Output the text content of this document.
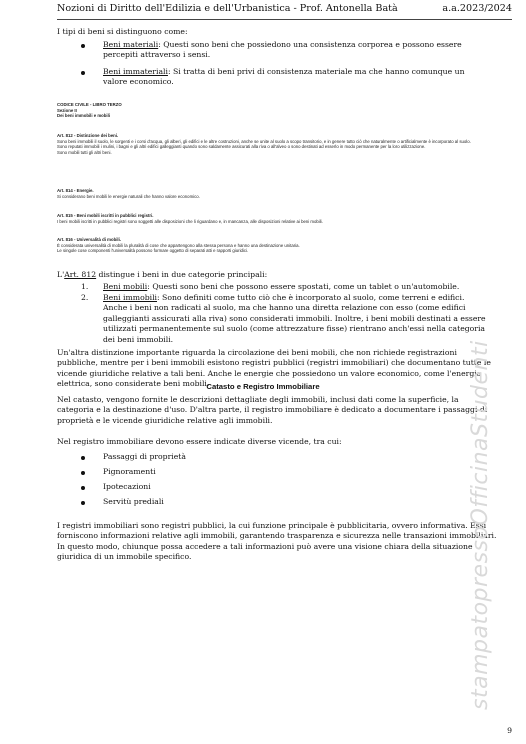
Nozioni di Diritto dell'Edilizia e dell'Urbanistica - Prof. Antonella Batà	a.a.2023/2024
I tipi di beni si distinguono come:
Beni materiali: Questi sono beni che possiedono una consistenza corporea e possono essere percepiti attraverso i sensi.
Beni immateriali: Si tratta di beni privi di consistenza materiale ma che hanno comunque un valore economico.
CODICE CIVILE - LIBRO TERZO
Sezione II
Dei beni immobili e mobili
Art. 812 - Distinzione dei beni.
Sono beni immobili il suolo, le sorgenti e i corsi d'acqua, gli alberi, gli edifici e le altre costruzioni, anche se unite al suolo a scopo transitorio, e in genere tutto ciò che naturalmente o artificialmente è incorporato al suolo.
Sono reputati immobili i mulini, i bagni e gli altri edifici galleggianti quando sono saldamente assicurati alla riva o all'alveo o sono destinati ad esserlo in modo permanente per la loro utilizzazione.
Sono mobili tutti gli altri beni.
Art. 814 - Energie.
Si considerano beni mobili le energie naturali che hanno valore economico.
Art. 815 - Beni mobili iscritti in pubblici registri.
I beni mobili iscritti in pubblici registri sono soggetti alle disposizioni che li riguardano e, in mancanza, alle disposizioni relative ai beni mobili.
Art. 816 - Universalità di mobili.
È considerata universalità di mobili la pluralità di cose che appartengono alla stessa persona e hanno una destinazione unitaria.
Le singole cose componenti l'universalità possono formare oggetto di separati atti e rapporti giuridici.
L'Art. 812 distingue i beni in due categorie principali:
1. Beni mobili: Questi sono beni che possono essere spostati, come un tablet o un'automobile.
2. Beni immobili: Sono definiti come tutto ciò che è incorporato al suolo, come terreni e edifici. Anche i beni non radicati al suolo, ma che hanno una diretta relazione con esso (come edifici galleggianti assicurati alla riva) sono considerati immobili. Inoltre, i beni mobili destinati a essere utilizzati permanentemente sul suolo (come attrezzature fisse) rientrano anch'essi nella categoria dei beni immobili.
Un'altra distinzione importante riguarda la circolazione dei beni mobili, che non richiede registrazioni pubbliche, mentre per i beni immobili esistono registri pubblici (registri immobiliari) che documentano tutte le vicende giuridiche relative a tali beni. Anche le energie che possiedono un valore economico, come l'energia elettrica, sono considerate beni mobili.
Catasto e Registro Immobiliare
Nel catasto, vengono fornite le descrizioni dettagliate degli immobili, inclusi dati come la superficie, la categoria e la destinazione d'uso. D'altra parte, il registro immobiliare è dedicato a documentare i passaggi di proprietà e le vicende giuridiche relative agli immobili.
Nel registro immobiliare devono essere indicate diverse vicende, tra cui:
Passaggi di proprietà
Pignoramenti
Ipotecazioni
Servitù prediali
I registri immobiliari sono registri pubblici, la cui funzione principale è pubblicitaria, ovvero informativa. Essi forniscono informazioni relative agli immobili, garantendo trasparenza e sicurezza nelle transazioni immobiliari. In questo modo, chiunque possa accedere a tali informazioni può avere una visione chiara della situazione giuridica di un immobile specifico.	stampatopressoOfficinaStudenti
9
